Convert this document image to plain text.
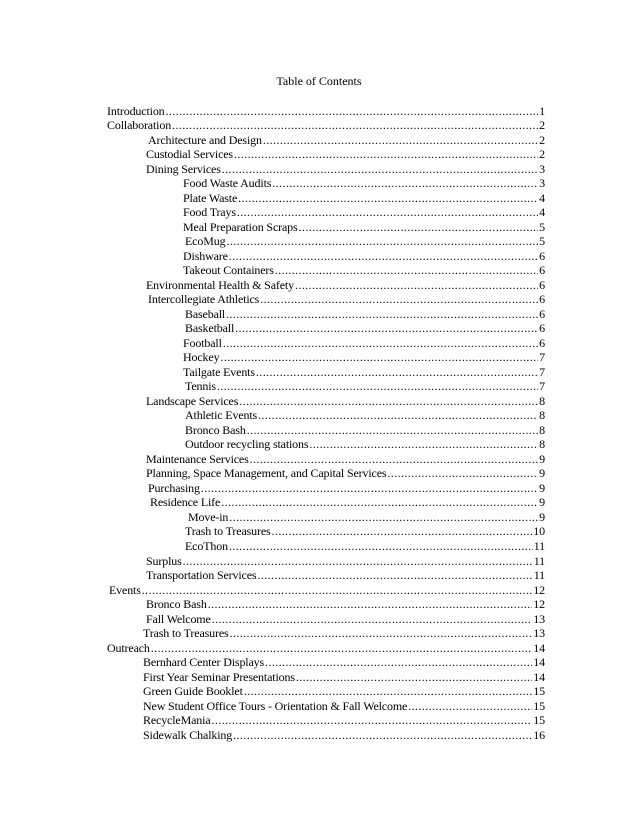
Table of Contents
Introduction .....	1
Collaboration .....	2
Architecture and Design .....	2
Custodial Services .....	2
Dining Services .....	3
Food Waste Audits .....	3
Plate Waste .....	4
Food Trays .....	4
Meal Preparation Scraps .....	5
EcoMug .....	5
Dishware .....	6
Takeout Containers .....	6
Environmental Health & Safety .....	6
Intercollegiate Athletics .....	6
Baseball .....	6
Basketball .....	6
Football .....	6
Hockey .....	7
Tailgate Events .....	7
Tennis .....	7
Landscape Services .....	8
Athletic Events .....	8
Bronco Bash .....	8
Outdoor recycling stations .....	8
Maintenance Services .....	9
Planning, Space Management, and Capital Services .....	9
Purchasing .....	9
Residence Life .....	9
Move-in .....	9
Trash to Treasures .....	10
EcoThon .....	11
Surplus .....	11
Transportation Services .....	11
Events .....	12
Bronco Bash .....	12
Fall Welcome .....	13
Trash to Treasures .....	13
Outreach .....	14
Bernhard Center Displays .....	14
First Year Seminar Presentations .....	14
Green Guide Booklet .....	15
New Student Office Tours - Orientation & Fall Welcome .....	15
RecycleMania .....	15
Sidewalk Chalking .....	16
